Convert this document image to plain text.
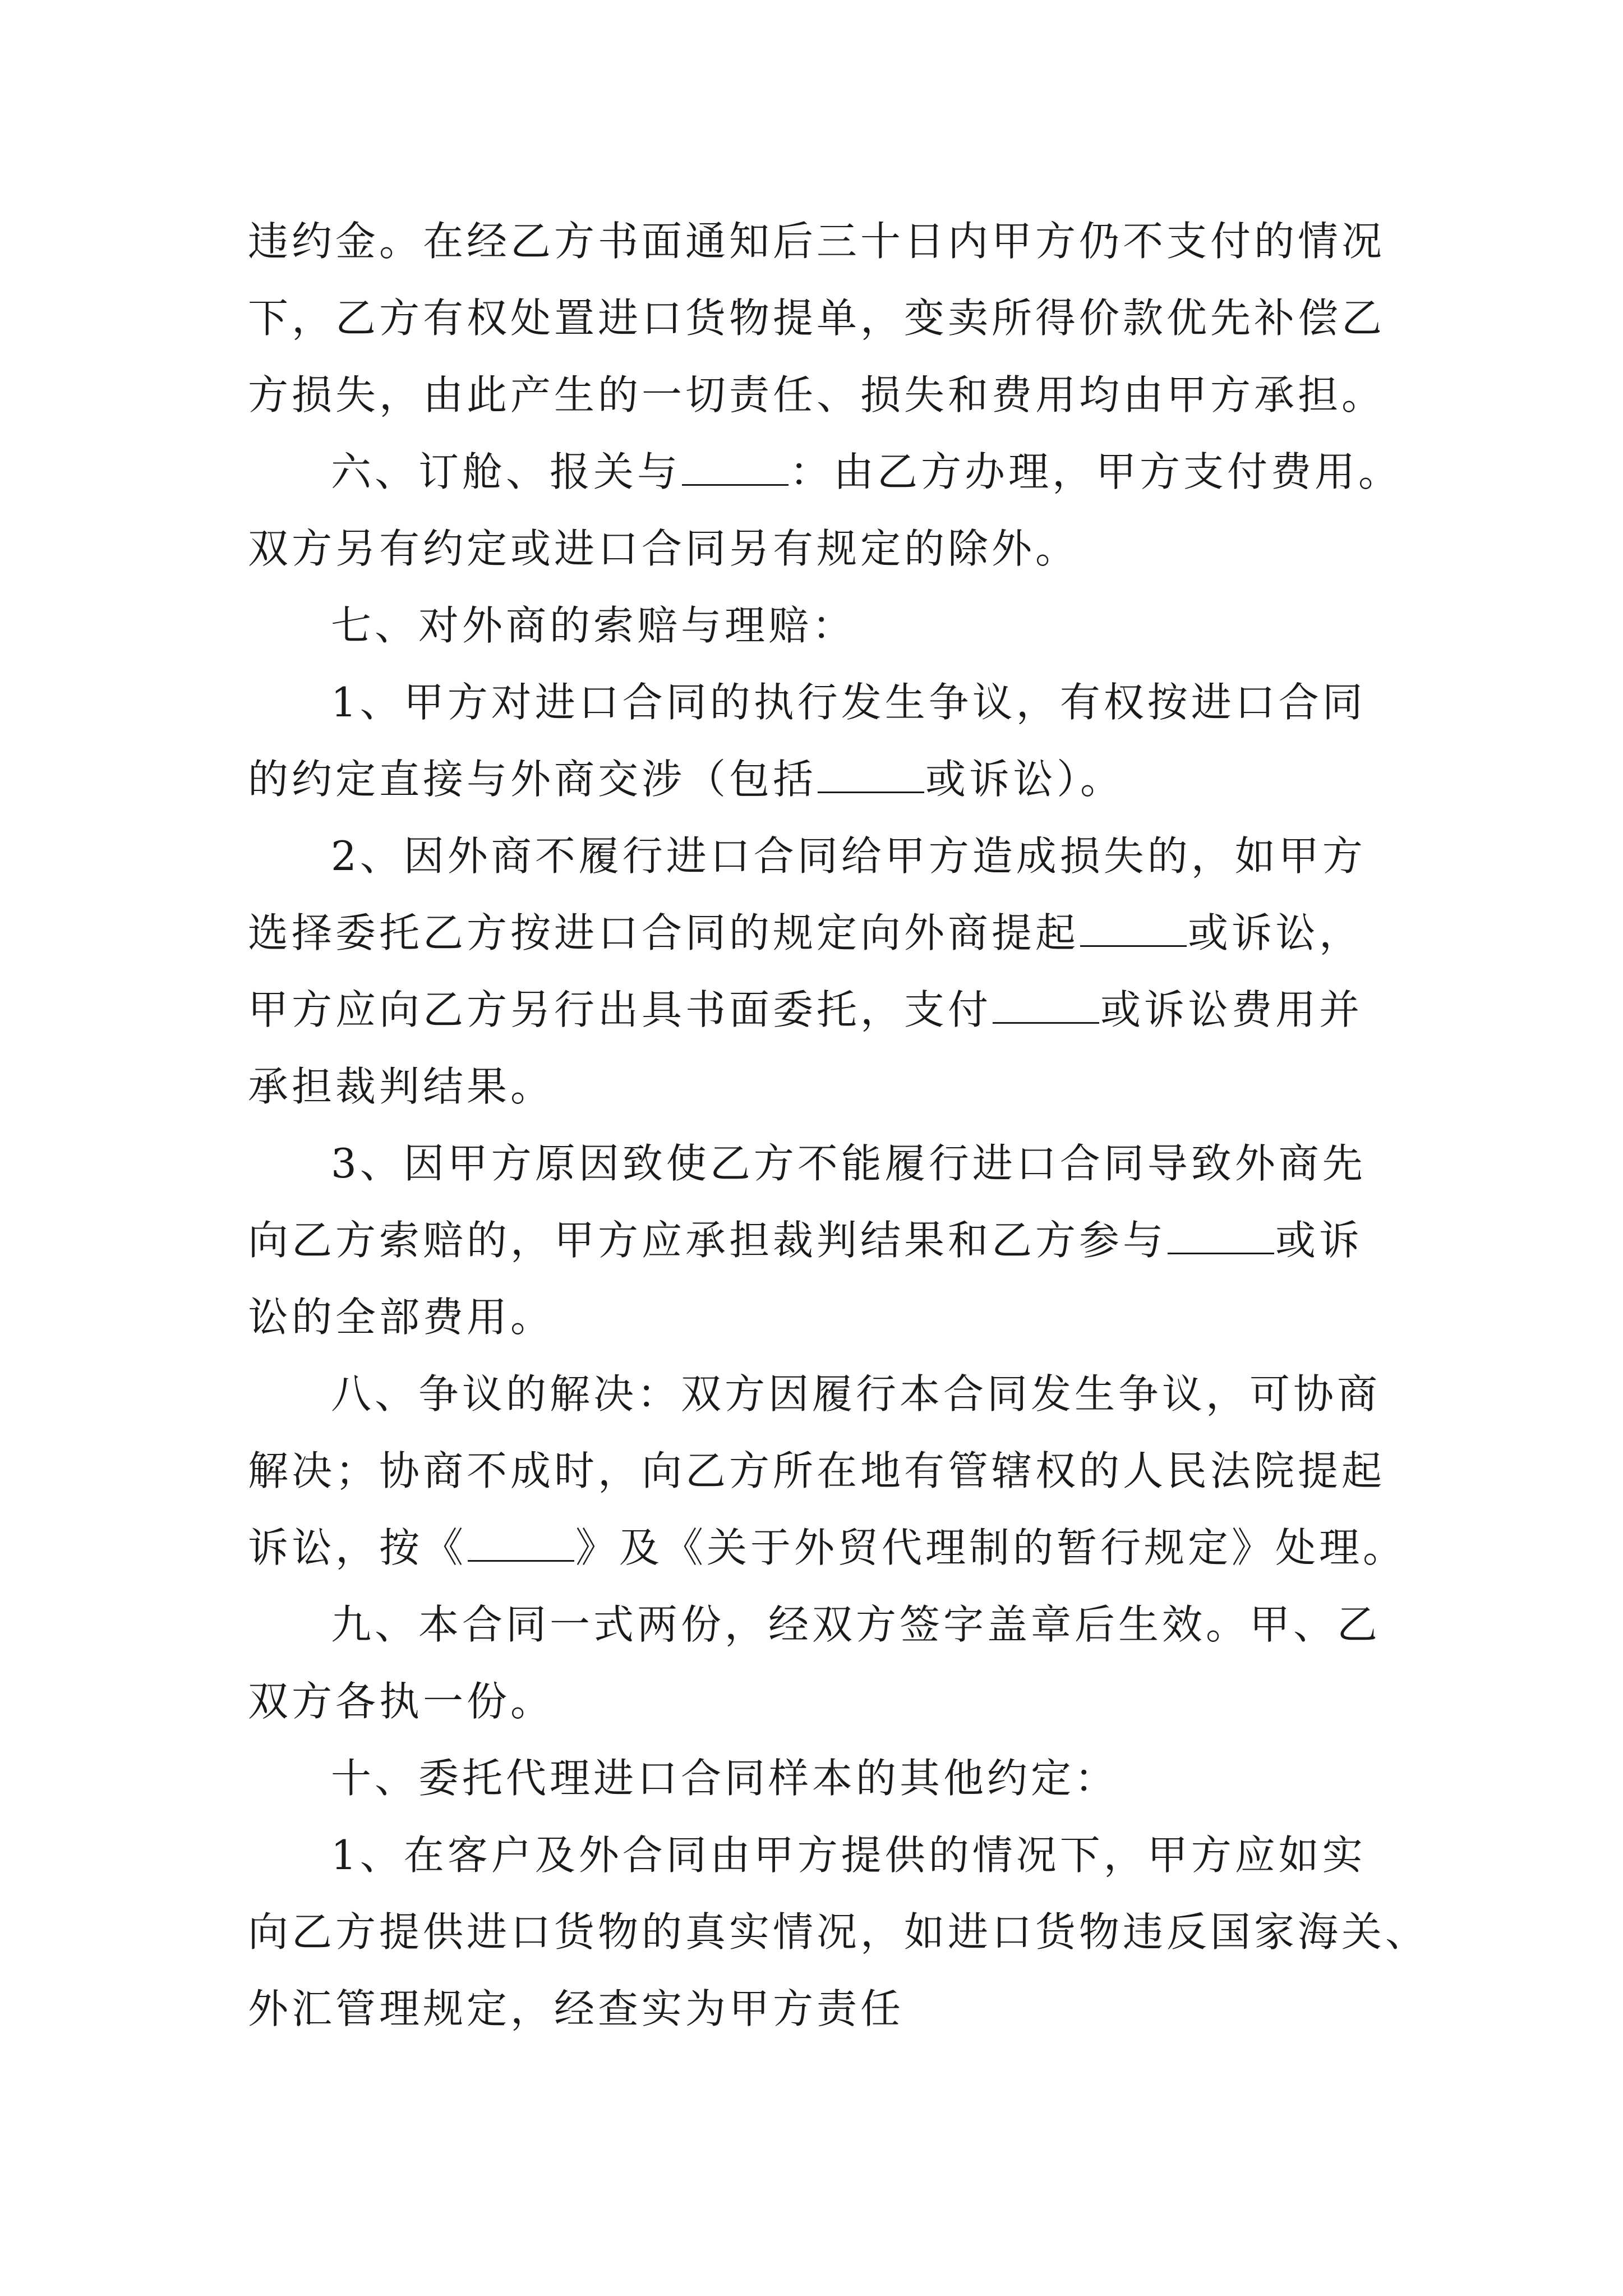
违约金。在经乙方书面通知后三十日内甲方仍不支付的情况
下，乙方有权处置进口货物提单，变卖所得价款优先补偿乙
方损失，由此产生的一切责任、损失和费用均由甲方承担。
六、订舱、报关与	：由乙方办理，甲方支付费用。
双方另有约定或进口合同另有规定的除外。
七、对外商的索赔与理赔：
1、甲方对进口合同的执行发生争议，有权按进口合同
的约定直接与外商交涉（包括	或诉讼）。
2、因外商不履行进口合同给甲方造成损失的，如甲方
选择委托乙方按进口合同的规定向外商提起	或诉讼，
甲方应向乙方另行出具书面委托，支付	或诉讼费用并
承担裁判结果。
3、因甲方原因致使乙方不能履行进口合同导致外商先
向乙方索赔的，甲方应承担裁判结果和乙方参与	或诉
讼的全部费用。
八、争议的解决：双方因履行本合同发生争议，可协商
解决；协商不成时，向乙方所在地有管辖权的人民法院提起
诉讼，按《	》及《关于外贸代理制的暂行规定》处理。
九、本合同一式两份，经双方签字盖章后生效。甲、乙
双方各执一份。
十、委托代理进口合同样本的其他约定：
1、在客户及外合同由甲方提供的情况下，甲方应如实
向乙方提供进口货物的真实情况，如进口货物违反国家海关、
外汇管理规定，经查实为甲方责任
